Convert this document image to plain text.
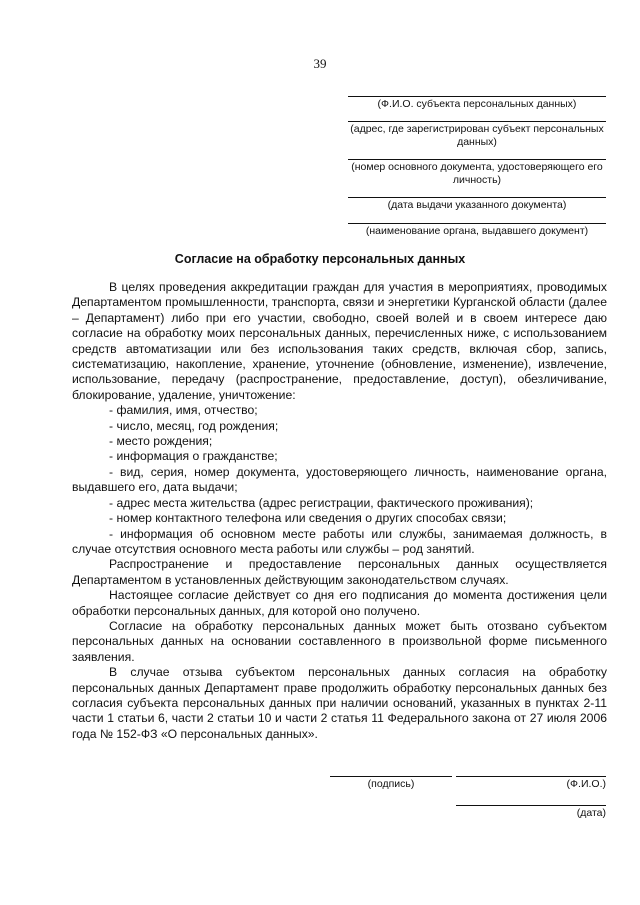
39
(Ф.И.О. субъекта персональных данных)
(адрес, где зарегистрирован субъект персональных данных)
(номер основного документа, удостоверяющего его личность)
(дата выдачи указанного документа)
(наименование органа, выдавшего документ)
Согласие на обработку персональных данных

В целях проведения аккредитации граждан для участия в мероприятиях, проводимых Департаментом промышленности, транспорта, связи и энергетики Курганской области (далее – Департамент) либо при его участии, свободно, своей волей и в своем интересе даю согласие на обработку моих персональных данных, перечисленных ниже, с использованием средств автоматизации или без использования таких средств, включая сбор, запись, систематизацию, накопление, хранение, уточнение (обновление, изменение), извлечение, использование, передачу (распространение, предоставление, доступ), обезличивание, блокирование, удаление, уничтожение:

- фамилия, имя, отчество;

- число, месяц, год рождения;

- место рождения;

- информация о гражданстве;

- вид, серия, номер документа, удостоверяющего личность, наименование органа, выдавшего его, дата выдачи;

- адрес места жительства (адрес регистрации, фактического проживания);

- номер контактного телефона или сведения о других способах связи;

- информация об основном месте работы или службы, занимаемая должность, в случае отсутствия основного места работы или службы – род занятий.

Распространение и предоставление персональных данных осуществляется Департаментом в установленных действующим законодательством случаях.

Настоящее согласие действует со дня его подписания до момента достижения цели обработки персональных данных, для которой оно получено.

Согласие на обработку персональных данных может быть отозвано субъектом персональных данных на основании составленного в произвольной форме письменного заявления.

В случае отзыва субъектом персональных данных согласия на обработку персональных данных Департамент праве продолжить обработку персональных данных без согласия субъекта персональных данных при наличии оснований, указанных в пунктах 2-11 части 1 статьи 6, части 2 статьи 10 и части 2 статья 11 Федерального закона от 27 июля 2006 года № 152-ФЗ «О персональных данных».

(подпись)	(Ф.И.О.)
(дата)
